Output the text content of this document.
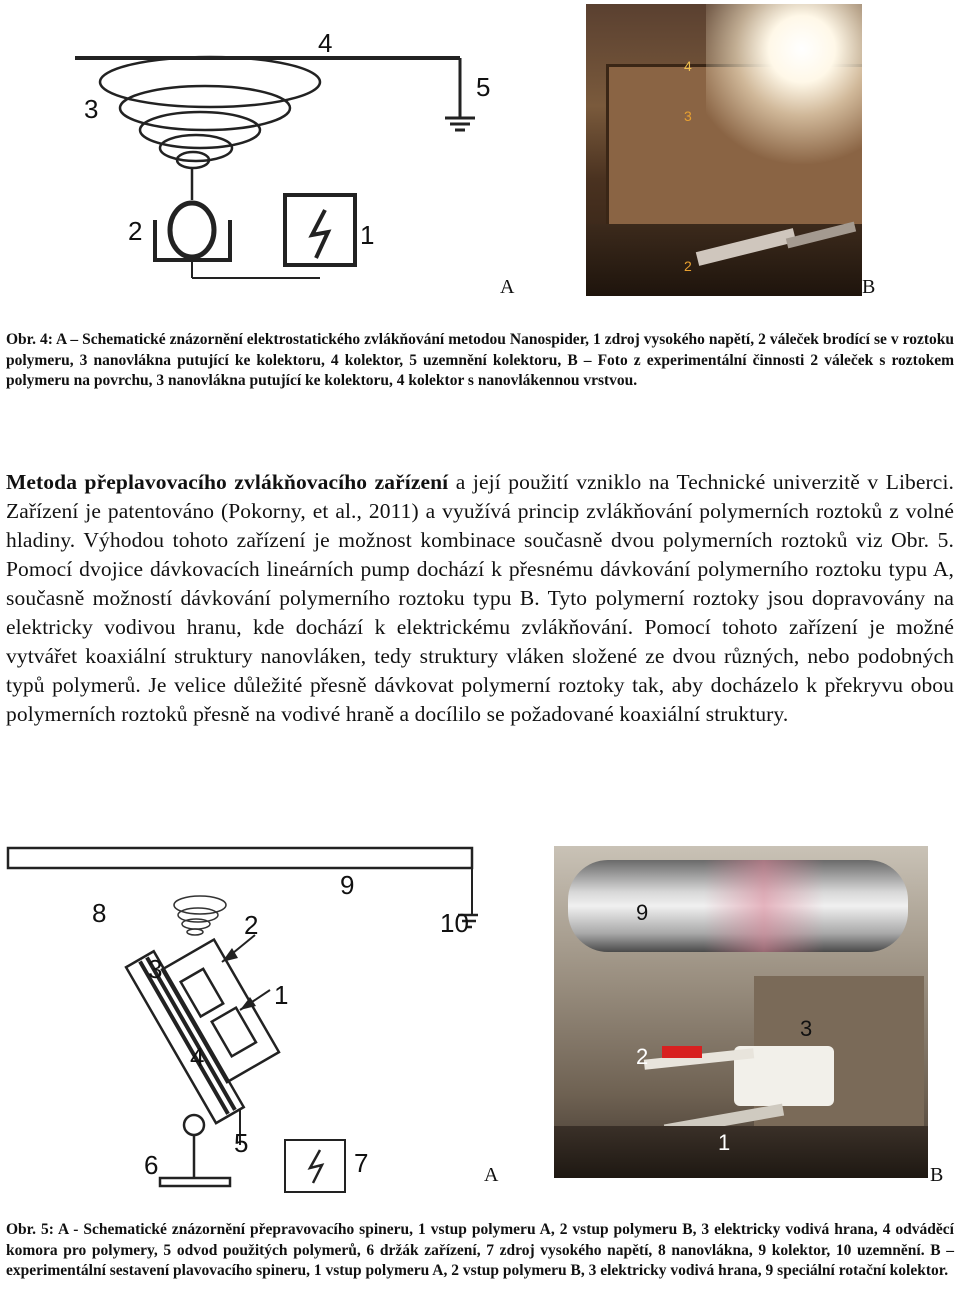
4
3
5
2	1
4
3
2
A	B
Obr. 4: A – Schematické znázornění elektrostatického zvlákňování metodou Nanospider, 1 zdroj vysokého napětí, 2 váleček brodící se v roztoku polymeru, 3 nanovlákna putující ke kolektoru, 4 kolektor, 5 uzemnění kolektoru, B – Foto z experimentální činnosti 2 váleček s roztokem polymeru na povrchu, 3 nanovlákna putující ke kolektoru, 4 kolektor s nanovlákennou vrstvou.
Metoda přeplavovacího zvlákňovacího zařízení a její použití vzniklo na Technické univerzitě v Liberci. Zařízení je patentováno (Pokorny, et al., 2011) a využívá princip zvlákňování polymerních roztoků z volné hladiny. Výhodou tohoto zařízení je možnost kombinace současně dvou polymerních roztoků viz Obr. 5. Pomocí dvojice dávkovacích lineárních pump dochází k přesnému dávkování polymerního roztoku typu A, současně možností dávkování polymerního roztoku typu B. Tyto polymerní roztoky jsou dopravovány na elektricky vodivou hranu, kde dochází k elektrickému zvlákňování. Pomocí tohoto zařízení je možné vytvářet koaxiální struktury nanovláken, tedy struktury vláken složené ze dvou různých, nebo podobných typů polymerů. Je velice důležité přesně dávkovat polymerní roztoky tak, aby docházelo k překryvu obou polymerních roztoků přesně na vodivé hraně a docílilo se požadované koaxiální struktury.
9
8	10
2
3
1
4
5
6	7
9
2
3
1
A	B
Obr. 5: A - Schematické znázornění přepravovacího spineru, 1 vstup polymeru A, 2 vstup polymeru B, 3 elektricky vodivá hrana, 4 odváděcí komora pro polymery, 5 odvod použitých polymerů, 6 držák zařízení, 7 zdroj vysokého napětí, 8 nanovlákna, 9 kolektor, 10 uzemnění. B – experimentální sestavení plavovacího spineru, 1 vstup polymeru A, 2 vstup polymeru B, 3 elektricky vodivá hrana, 9 speciální rotační kolektor.
